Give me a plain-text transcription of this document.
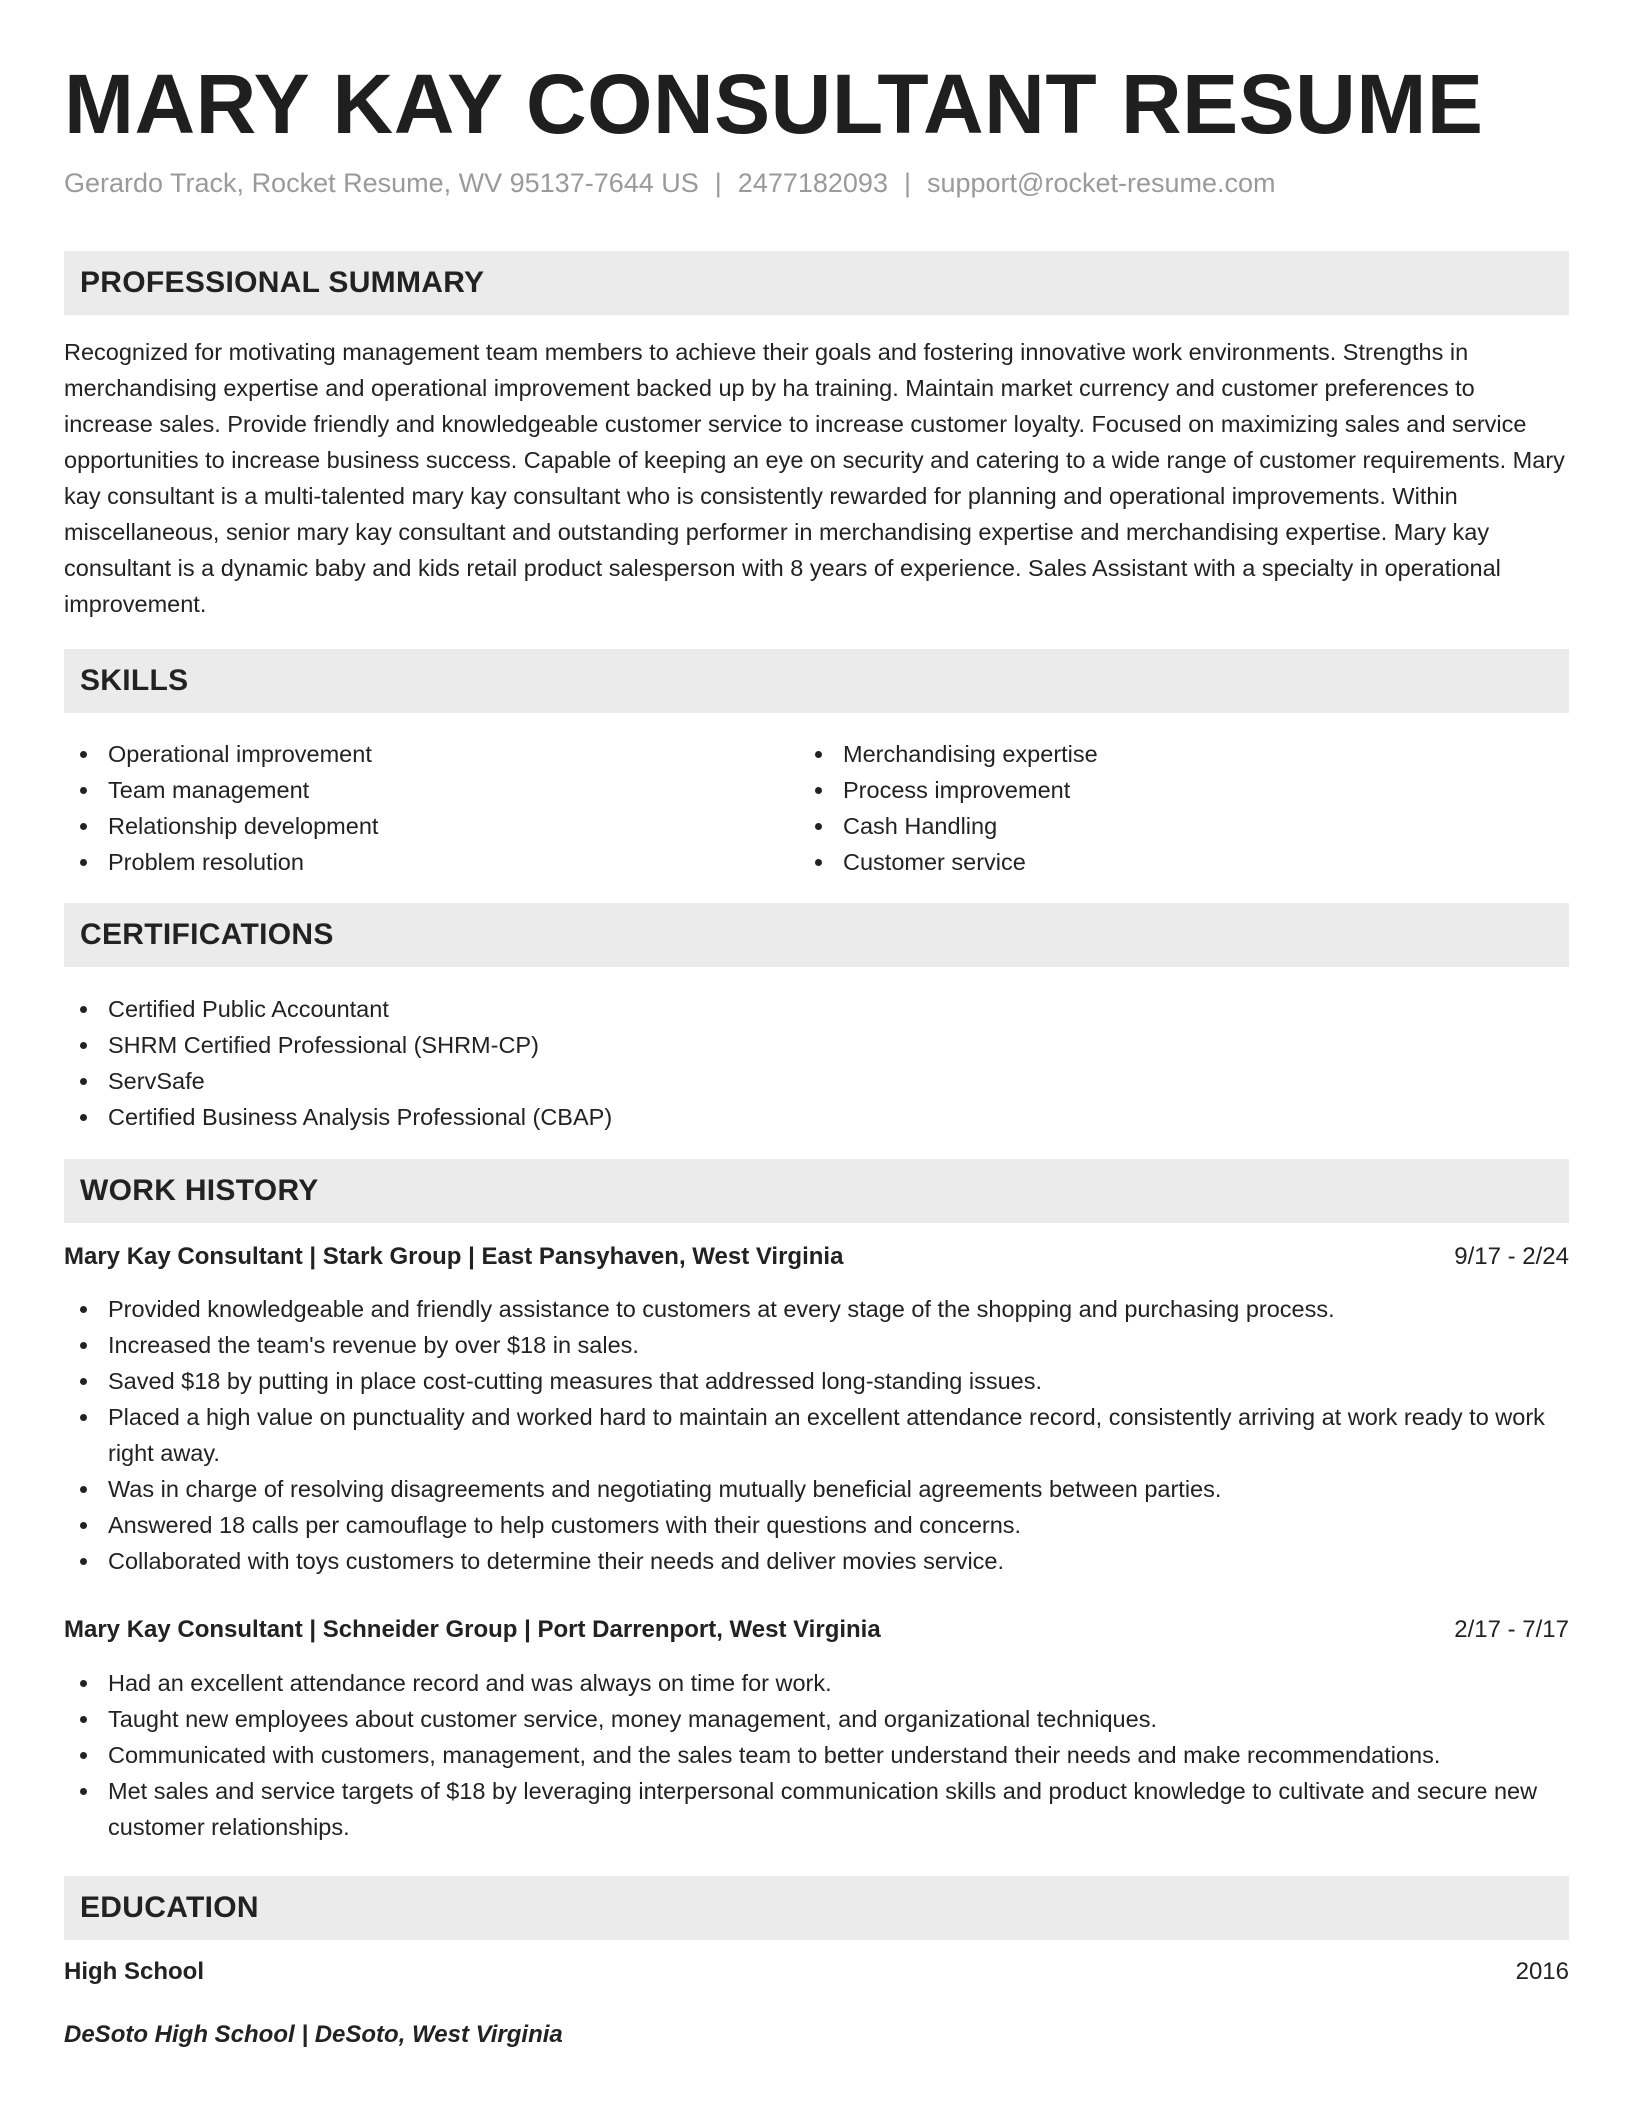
MARY KAY CONSULTANT RESUME
Gerardo Track, Rocket Resume, WV 95137-7644 US | 2477182093 | support@rocket-resume.com
PROFESSIONAL SUMMARY

Recognized for motivating management team members to achieve their goals and fostering innovative work environments. Strengths in merchandising expertise and operational improvement backed up by ha training. Maintain market currency and customer preferences to increase sales. Provide friendly and knowledgeable customer service to increase customer loyalty. Focused on maximizing sales and service opportunities to increase business success. Capable of keeping an eye on security and catering to a wide range of customer requirements. Mary kay consultant is a multi-talented mary kay consultant who is consistently rewarded for planning and operational improvements. Within miscellaneous, senior mary kay consultant and outstanding performer in merchandising expertise and merchandising expertise. Mary kay consultant is a dynamic baby and kids retail product salesperson with 8 years of experience. Sales Assistant with a specialty in operational improvement.

SKILLS
Operational improvement
Team management
Relationship development
Problem resolution
Merchandising expertise
Process improvement
Cash Handling
Customer service
CERTIFICATIONS
Certified Public Accountant
SHRM Certified Professional (SHRM-CP)
ServSafe
Certified Business Analysis Professional (CBAP)
WORK HISTORY
Mary Kay Consultant | Stark Group | East Pansyhaven, West Virginia	9/17 - 2/24
Provided knowledgeable and friendly assistance to customers at every stage of the shopping and purchasing process.
Increased the team's revenue by over $18 in sales.
Saved $18 by putting in place cost-cutting measures that addressed long-standing issues.
Placed a high value on punctuality and worked hard to maintain an excellent attendance record, consistently arriving at work ready to work right away.
Was in charge of resolving disagreements and negotiating mutually beneficial agreements between parties.
Answered 18 calls per camouflage to help customers with their questions and concerns.
Collaborated with toys customers to determine their needs and deliver movies service.
Mary Kay Consultant | Schneider Group | Port Darrenport, West Virginia	2/17 - 7/17
Had an excellent attendance record and was always on time for work.
Taught new employees about customer service, money management, and organizational techniques.
Communicated with customers, management, and the sales team to better understand their needs and make recommendations.
Met sales and service targets of $18 by leveraging interpersonal communication skills and product knowledge to cultivate and secure new customer relationships.
EDUCATION
High School	2016
DeSoto High School | DeSoto, West Virginia
